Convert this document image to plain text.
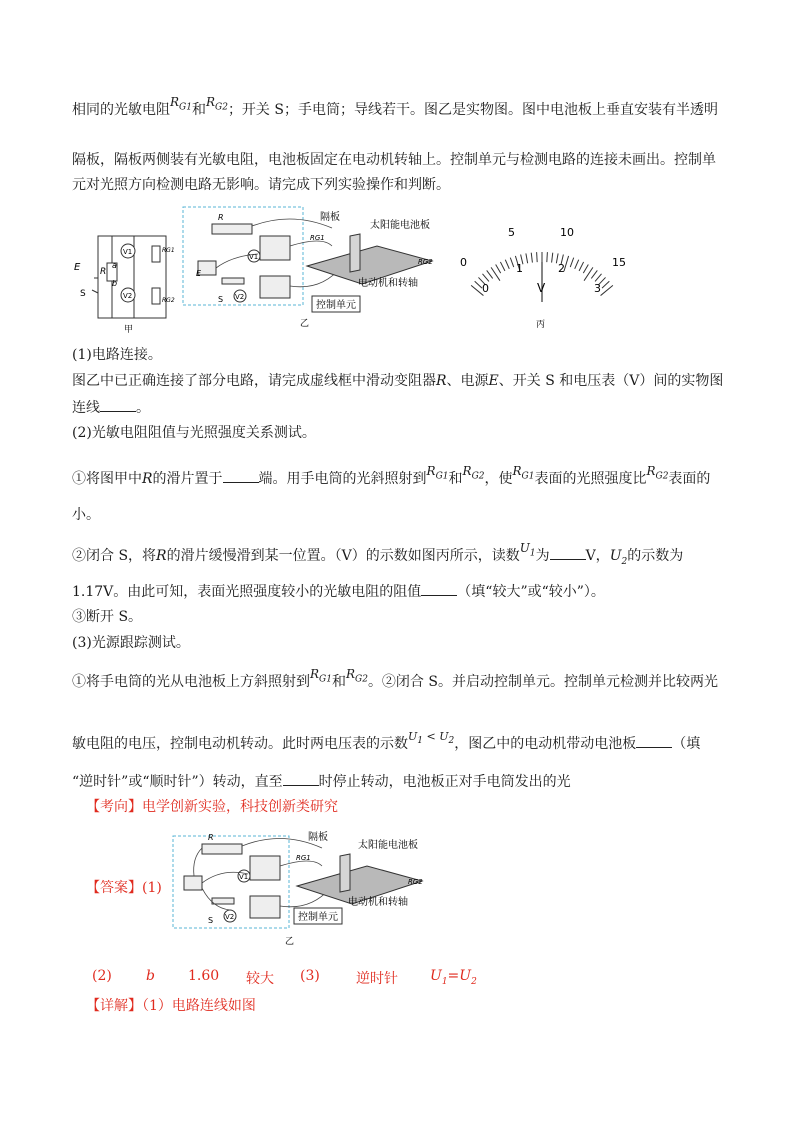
相同的光敏电阻$R_{G1}$和$R_{G2}$；开关 S；手电筒；导线若干。图乙是实物图。图中电池板上垂直安装有半透明
隔板，隔板两侧装有光敏电阻，电池板固定在电动机转轴上。控制单元与检测电路的连接未画出。控制单
元对光照方向检测电路无影响。请完成下列实验操作和判断。
E R
a
b
S
V1
V2
RG1
RG2
甲
控制单元
隔板
太阳能电池板
电动机和转轴
R
E
S
V1
V2
RG1
RG2
乙
0
5	10
15
0
1	2
3
V
丙
(1)电路连接。
图乙中已正确连接了部分电路，请完成虚线框中滑动变阻器R、电源E、开关 S 和电压表（V）间的实物图
连线	。
(2)光敏电阻阻值与光照强度关系测试。
①将图甲中R的滑片置于	端。用手电筒的光斜照射到$R_{G1}$和$R_{G2}$，使$R_{G1}$表面的光照强度比$R_{G2}$表面的
小。
②闭合 S，将R的滑片缓慢滑到某一位置。（V）的示数如图丙所示，读数$U_1$为	V，$U_2$的示数为
1.17V。由此可知，表面光照强度较小的光敏电阻的阻值	（填“较大”或“较小”）。
③断开 S。
(3)光源跟踪测试。
①将手电筒的光从电池板上方斜照射到$R_{G1}$和$R_{G2}$。②闭合 S。并启动控制单元。控制单元检测并比较两光
敏电阻的电压，控制电动机转动。此时两电压表的示数$^{U_1 < U_2}$，图乙中的电动机带动电池板	（填
“逆时针”或“顺时针”）转动，直至	时停止转动，电池板正对手电筒发出的光
【考向】电学创新实验，科技创新类研究
【答案】(1)
控制单元
隔板
太阳能电池板
电动机和转轴
R
S
V1
V2
RG1
RG2
乙
(2) b 1.60 较大 (3)	逆时针 $U_1=U_2$
【详解】（1）电路连线如图
